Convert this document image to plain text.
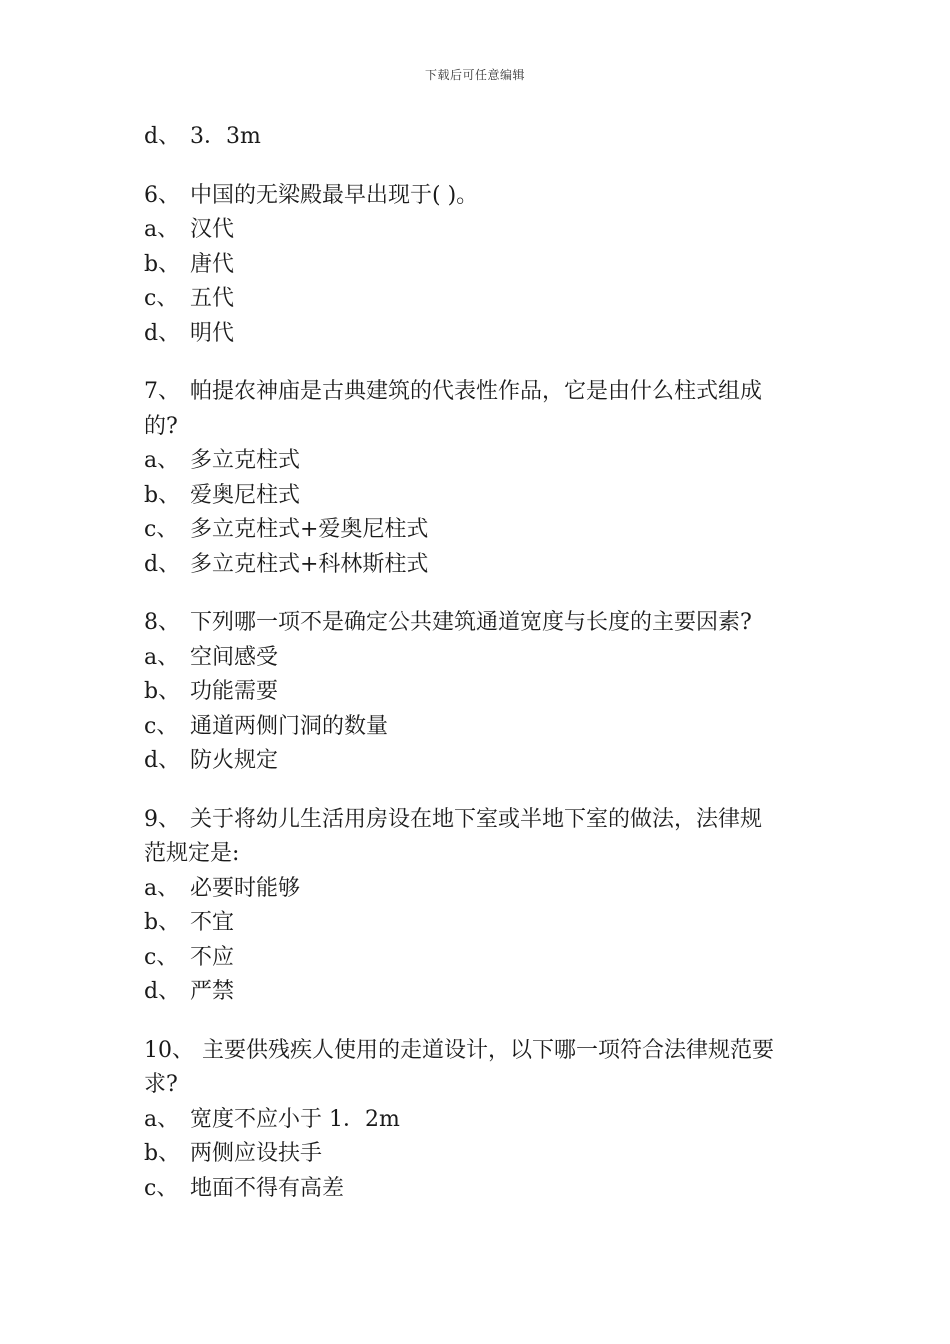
下载后可任意编辑
d、 3．3m
6、 中国的无梁殿最早出现于( )。
a、 汉代
b、 唐代
c、 五代
d、 明代
7、 帕提农神庙是古典建筑的代表性作品，它是由什么柱式组成
的?
a、 多立克柱式
b、 爱奥尼柱式
c、 多立克柱式+爱奥尼柱式
d、 多立克柱式+科林斯柱式
8、 下列哪一项不是确定公共建筑通道宽度与长度的主要因素?
a、 空间感受
b、 功能需要
c、 通道两侧门洞的数量
d、 防火规定
9、 关于将幼儿生活用房设在地下室或半地下室的做法，法律规
范规定是:
a、 必要时能够
b、 不宜
c、 不应
d、 严禁
10、 主要供残疾人使用的走道设计，以下哪一项符合法律规范要
求?
a、 宽度不应小于 1．2m
b、 两侧应设扶手
c、 地面不得有高差
